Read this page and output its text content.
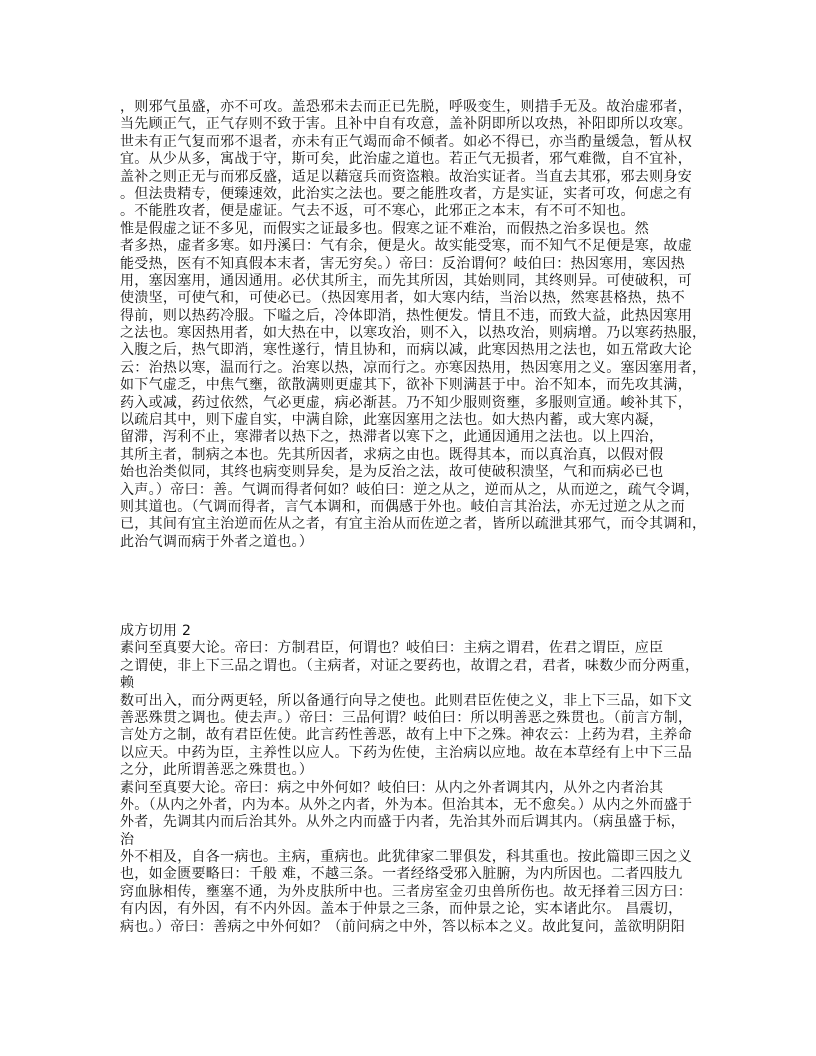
，则邪气虽盛，亦不可攻。盖恐邪未去而正已先脱，呼吸变生，则措手无及。故治虚邪者，
当先顾正气，正气存则不致于害。且补中自有攻意，盖补阴即所以攻热，补阳即所以攻寒。
世未有正气复而邪不退者，亦未有正气竭而命不倾者。如必不得已，亦当酌量缓急，暂从权
宜。从少从多，寓战于守，斯可矣，此治虚之道也。若正气无损者，邪气难微，自不宜补，
盖补之则正无与而邪反盛，适足以藉寇兵而资盗粮。故治实证者。当直去其邪，邪去则身安
。但法贵精专，便臻速效，此治实之法也。要之能胜攻者，方是实证，实者可攻，何虑之有
。不能胜攻者，便是虚证。气去不返，可不寒心，此邪正之本末，有不可不知也。
惟是假虚之证不多见，而假实之证最多也。假寒之证不难治，而假热之治多误也。然
者多热，虚者多寒。如丹溪曰：气有余，便是火。故实能受寒，而不知气不足便是寒，故虚
能受热，医有不知真假本末者，害无穷矣。）帝曰：反治谓何？岐伯曰：热因寒用，寒因热
用，塞因塞用，通因通用。必伏其所主，而先其所因，其始则同，其终则异。可使破积，可
使溃坚，可使气和，可使必已。（热因寒用者，如大寒内结，当治以热，然寒甚格热，热不
得前，则以热药冷服。下嗌之后，冷体即消，热性便发。情且不违，而致大益，此热因寒用
之法也。寒因热用者，如大热在中，以寒攻治，则不入，以热攻治，则病增。乃以寒药热服，
入腹之后，热气即消，寒性遂行，情且协和，而病以减，此寒因热用之法也，如五常政大论
云：治热以寒，温而行之。治寒以热，凉而行之。亦寒因热用，热因寒用之义。塞因塞用者，
如下气虚乏，中焦气壅，欲散满则更虚其下，欲补下则满甚于中。治不知本，而先攻其满，
药入或减，药过依然，气必更虚，病必渐甚。乃不知少服则资壅，多服则宣通。峻补其下，
以疏启其中，则下虚自实，中满自除，此塞因塞用之法也。如大热内蓄，或大寒内凝，
留滞，泻利不止，寒滞者以热下之，热滞者以寒下之，此通因通用之法也。以上四治，
其所主者，制病之本也。先其所因者，求病之由也。既得其本，而以真治真，以假对假
始也治类似同，其终也病变则异矣，是为反治之法，故可使破积溃坚，气和而病必已也
入声。）帝曰：善。气调而得者何如？岐伯曰：逆之从之，逆而从之，从而逆之，疏气令调，
则其道也。（气调而得者，言气本调和，而偶感于外也。岐伯言其治法，亦无过逆之从之而
已，其间有宜主治逆而佐从之者，有宜主治从而佐逆之者，皆所以疏泄其邪气，而令其调和，
此治气调而病于外者之道也。）
成方切用 2
素问至真要大论。帝曰：方制君臣，何谓也？岐伯曰：主病之谓君，佐君之谓臣，应臣
之谓使，非上下三品之谓也。（主病者，对证之要药也，故谓之君，君者，味数少而分两重，
赖
数可出入，而分两更轻，所以备通行向导之使也。此则君臣佐使之义，非上下三品，如下文
善恶殊贯之调也。使去声。）帝曰：三品何谓？岐伯曰：所以明善恶之殊贯也。（前言方制，
言处方之制，故有君臣佐使。此言药性善恶，故有上中下之殊。神农云：上药为君，主养命
以应天。中药为臣，主养性以应人。下药为佐使，主治病以应地。故在本草经有上中下三品
之分，此所谓善恶之殊贯也。）
素问至真要大论。帝曰：病之中外何如？岐伯曰：从内之外者调其内，从外之内者治其
外。（从内之外者，内为本。从外之内者，外为本。但治其本，无不愈矣。）从内之外而盛于
外者，先调其内而后治其外。从外之内而盛于内者，先治其外而后调其内。（病虽盛于标，
治
外不相及，自各一病也。主病，重病也。此犹律家二罪俱发，科其重也。按此篇即三因之义
也，如金匮要略曰：千般 难，不越三条。一者经络受邪入脏腑，为内所因也。二者四肢九
窍血脉相传，壅塞不通，为外皮肤所中也。三者房室金刃虫兽所伤也。故无择着三因方曰：
有内因，有外因，有不内外因。盖本于仲景之三条，而仲景之论，实本诸此尔。 昌震切，
病也。）帝曰：善病之中外何如？（前问病之中外，答以标本之义。故此复问，盖欲明阴阳
